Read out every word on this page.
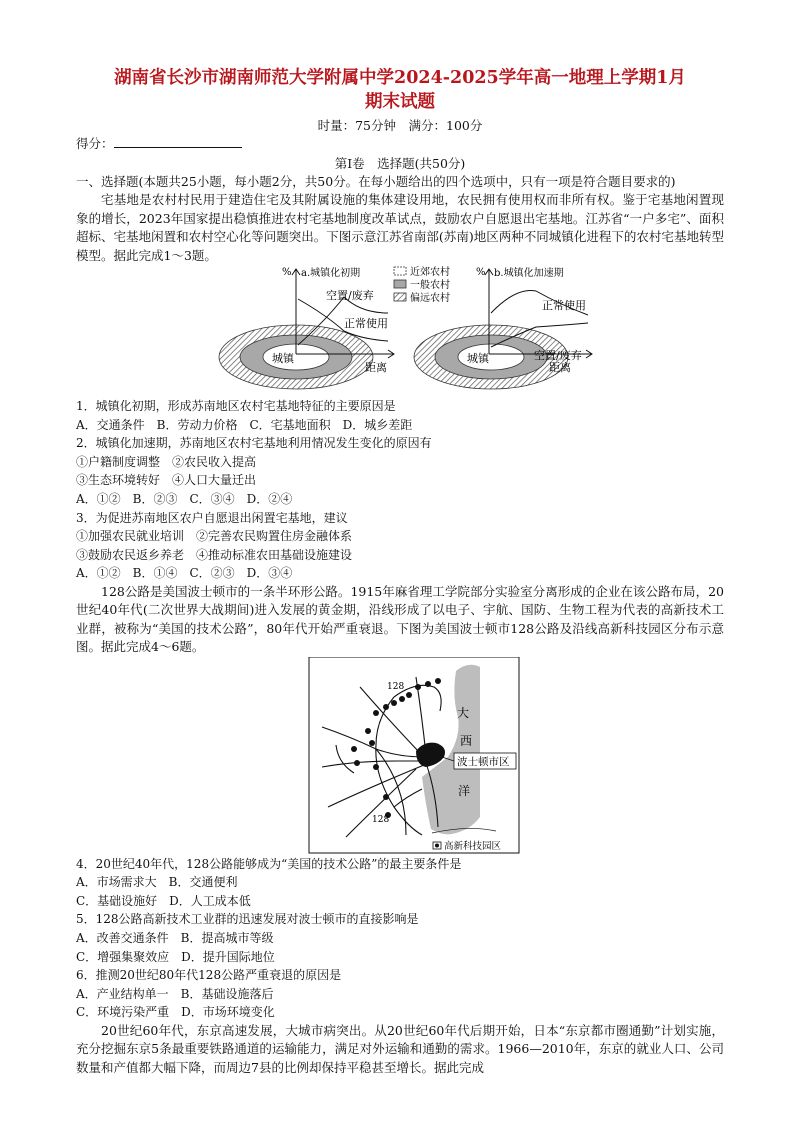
湖南省长沙市湖南师范大学附属中学2024-2025学年高一地理上学期1月
期末试题
时量：75分钟　满分：100分
得分：
第Ⅰ卷　选择题(共50分)

一、选择题(本题共25小题，每小题2分，共50分。在每小题给出的四个选项中，只有一项是符合题目要求的)

宅基地是农村村民用于建造住宅及其附属设施的集体建设用地，农民拥有使用权而非所有权。鉴于宅基地闲置现象的增长，2023年国家提出稳慎推进农村宅基地制度改革试点，鼓励农户自愿退出宅基地。江苏省“一户多宅”、面积超标、宅基地闲置和农村空心化等问题突出。下图示意江苏省南部(苏南)地区两种不同城镇化进程下的农村宅基地转型模型。据此完成1～3题。

城镇
%
距离
a.城镇化初期
空置/废弃
正常使用
近郊农村
一般农村
偏远农村
城镇
%
距离
b.城镇化加速期
正常使用
空置/废弃

1．城镇化初期，形成苏南地区农村宅基地特征的主要原因是

A．交通条件　B．劳动力价格　C．宅基地面积　D．城乡差距

2．城镇化加速期，苏南地区农村宅基地利用情况发生变化的原因有

①户籍制度调整　②农民收入提高

③生态环境转好　④人口大量迁出

A．①②　B．②③　C．③④　D．②④

3．为促进苏南地区农户自愿退出闲置宅基地，建议

①加强农民就业培训　②完善农民购置住房金融体系

③鼓励农民返乡养老　④推动标准农田基础设施建设

A．①②　B．①④　C．②③　D．③④

128公路是美国波士顿市的一条半环形公路。1915年麻省理工学院部分实验室分离形成的企业在该公路布局，20世纪40年代(二次世界大战期间)进入发展的黄金期，沿线形成了以电子、宇航、国防、生物工程为代表的高新技术工业群，被称为“美国的技术公路”，80年代开始严重衰退。下图为美国波士顿市128公路及沿线高新科技园区分布示意图。据此完成4～6题。

128
128
大
西
洋
波士顿市区
高新科技园区

4．20世纪40年代，128公路能够成为“美国的技术公路”的最主要条件是

A．市场需求大　B．交通便利

C．基础设施好　D．人工成本低

5．128公路高新技术工业群的迅速发展对波士顿市的直接影响是

A．改善交通条件　B．提高城市等级

C．增强集聚效应　D．提升国际地位

6．推测20世纪80年代128公路严重衰退的原因是

A．产业结构单一　B．基础设施落后

C．环境污染严重　D．市场环境变化

20世纪60年代，东京高速发展，大城市病突出。从20世纪60年代后期开始，日本“东京都市圈通勤”计划实施，充分挖掘东京5条最重要铁路通道的运输能力，满足对外运输和通勤的需求。1966—2010年，东京的就业人口、公司数量和产值都大幅下降，而周边7县的比例却保持平稳甚至增长。据此完成
